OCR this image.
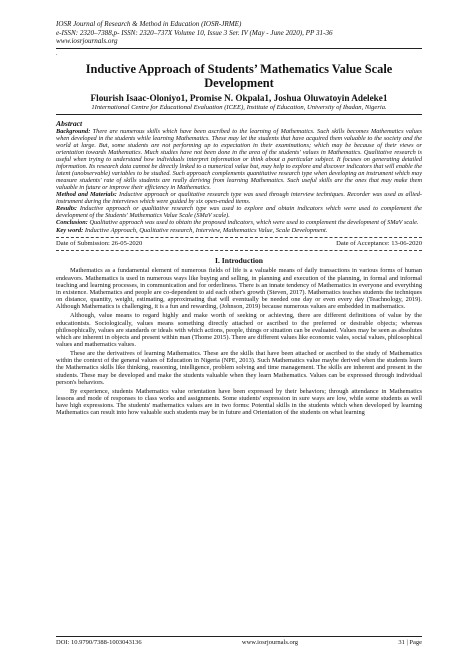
IOSR Journal of Research & Method in Education (IOSR-JRME)
e-ISSN: 2320–7388,p- ISSN: 2320–737X Volume 10, Issue 3 Ser. IV (May - June 2020), PP 31-36
www.iosrjournals.org
.
Inductive Approach of Students’ Mathematics Value Scale Development
Flourish Isaac-Oloniyo1, Promise N. Okpala1, Joshua Oluwatoyin Adeleke1
1International Centre for Educational Evaluation (ICEE), Institute of Education, University of Ibadan, Nigeria.
Abstract

Background: There are numerous skills which have been ascribed to the learning of Mathematics. Such skills becomes Mathematics values when developed in the students while learning Mathematics. These may let the students that have acquired them valuable to the society and the world at large. But, some students are not performing up to expectation in their examinations; which may be because of their views or orientation towards Mathematics. Much studies have not been done in the area of the students' values in Mathematics. Qualitative research is useful when trying to understand how individuals interpret information or think about a particular subject. It focuses on generating detailed information. Its research data cannot be directly linked to a numerical value but, may help to explore and discover indicators that will enable the latent (unobservable) variables to be studied. Such approach complements quantitative research type when developing an instrument which may measure students' rate of skills students are really deriving from learning Mathematics. Such useful skills are the ones that may make them valuable in future or improve their efficiency in Mathematics.

Method and Materials: Inductive approach or qualitative research type was used through interview techniques. Recorder was used as allied-instrument during the interviews which were guided by six open-ended items.

Results: Inductive approach or qualitative research type was used to explore and obtain indicators which were used to complement the development of the Students' Mathematics Value Scale (SMaV scale).

Conclusion: Qualitative approach was used to obtain the proposed indicators, which were used to complement the development of SMaV scale.

Key word: Inductive Approach, Qualitative research, Interview, Mathematics Value, Scale Development.
Date of Submission: 26-05-2020	Date of Acceptance: 13-06-2020
I. Introduction

Mathematics as a fundamental element of numerous fields of life is a valuable means of daily transactions in various forms of human endeavors. Mathematics is used in numerous ways like buying and selling, in planning and execution of the planning, in formal and informal teaching and learning processes, in communication and for orderliness. There is an innate tendency of Mathematics in everyone and everything in existence. Mathematics and people are co-dependent to aid each other's growth (Steven, 2017). Mathematics teaches students the techniques on distance, quantity, weight, estimating, approximating that will eventually be needed one day or even every day (Teachnology, 2019). Although Mathematics is challenging, it is a fun and rewarding, (Johnson, 2019) because numerous values are embedded in mathematics.

Although, value means to regard highly and make worth of seeking or achieving, there are different definitions of value by the educationists. Sociologically, values means something directly attached or ascribed to the preferred or desirable objects; whereas philosophically, values are standards or ideals with which actions, people, things or situation can be evaluated. Values may be seen as absolutes which are inherent in objects and present within man (Thome 2015). There are different values like economic vales, social values, philosophical values and mathematics values.

These are the derivatives of learning Mathematics. These are the skills that have been attached or ascribed to the study of Mathematics within the context of the general values of Education in Nigeria (NPE, 2013). Such Mathematics value maybe derived when the students learn the Mathematics skills like thinking, reasoning, intelligence, problem solving and time management. The skills are inherent and present in the students. These may be developed and make the students valuable when they learn Mathematics. Values can be expressed through individual person's behaviors.

By experience, students Mathematics value orientation have been expressed by their behaviors; through attendance in Mathematics lessons and mode of responses to class works and assignments. Some students' expression in sure ways are low, while some students as well have high expressions. The students' mathematics values are in two forms: Potential skills in the students which when developed by learning Mathematics can result into how valuable such students may be in future and Orientation of the students on what learning

DOI: 10.9790/7388-1003043136	www.iosrjournals.org	31 | Page
